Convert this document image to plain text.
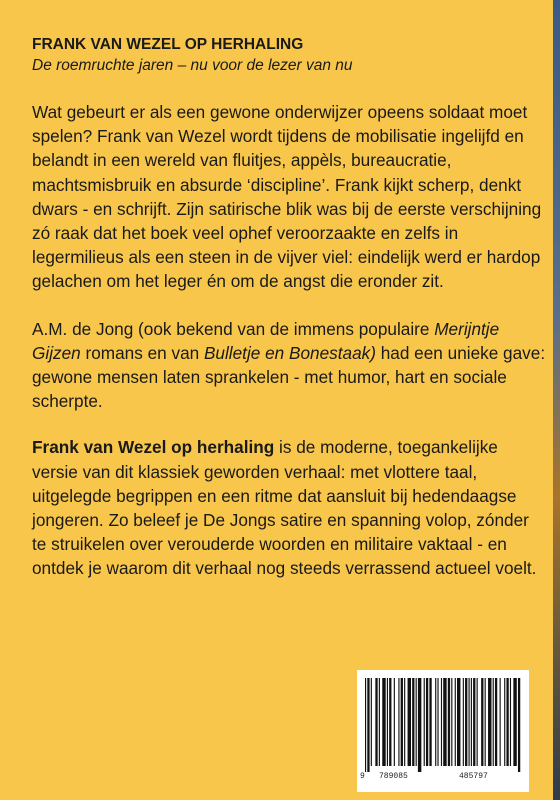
FRANK VAN WEZEL OP HERHALING

De roemruchte jaren – nu voor de lezer van nu

Wat gebeurt er als een gewone onderwijzer opeens soldaat moet spelen? Frank van Wezel wordt tijdens de mobilisatie ingelijfd en belandt in een wereld van fluitjes, appèls, bureaucratie, machtsmisbruik en absurde ‘discipline’. Frank kijkt scherp, denkt dwars - en schrijft. Zijn satirische blik was bij de eerste verschijning zó raak dat het boek veel ophef veroorzaakte en zelfs in legermilieus als een steen in de vijver viel: eindelijk werd er hardop gelachen om het leger én om de angst die eronder zit.

A.M. de Jong (ook bekend van de immens populaire Merijntje Gijzen romans en van Bulletje en Bonestaak) had een unieke gave: gewone mensen laten sprankelen - met humor, hart en sociale scherpte.

Frank van Wezel op herhaling is de moderne, toegankelijke versie van dit klassiek geworden verhaal: met vlottere taal, uitgelegde begrippen en een ritme dat aansluit bij hedendaagse jongeren. Zo beleef je De Jongs satire en spanning volop, zónder te struikelen over verouderde woorden en militaire vaktaal - en ontdek je waarom dit verhaal nog steeds verrassend actueel voelt.

9 789085	485797
